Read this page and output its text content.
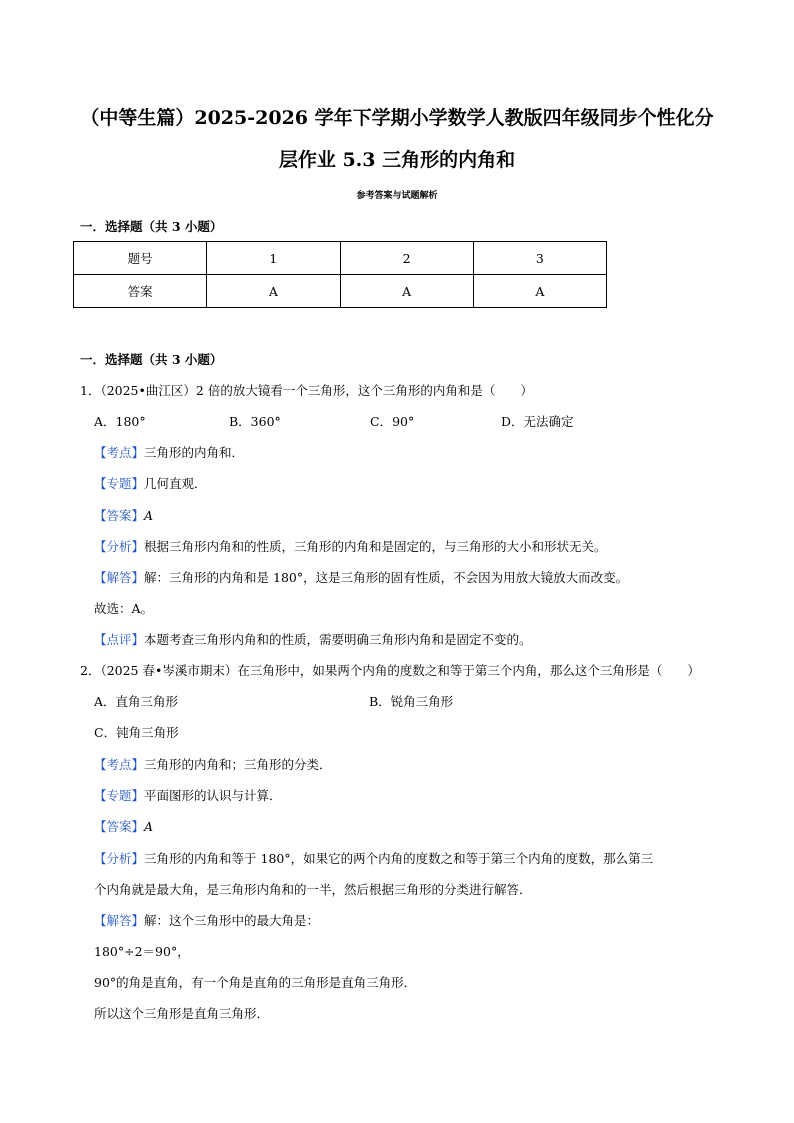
（中等生篇）2025-2026 学年下学期小学数学人教版四年级同步个性化分
层作业 5.3 三角形的内角和
参考答案与试题解析
一．选择题（共 3 小题）
题号	1	2	3
答案	A	A	A
一．选择题（共 3 小题）
1．（2025•曲江区）2 倍的放大镜看一个三角形，这个三角形的内角和是（　　）
A．180°	B．360°	C．90°	D．无法确定
【考点】三角形的内角和．
【专题】几何直观．
【答案】A
【分析】根据三角形内角和的性质，三角形的内角和是固定的，与三角形的大小和形状无关。
【解答】解：三角形的内角和是 180°，这是三角形的固有性质，不会因为用放大镜放大而改变。
故选：A。
【点评】本题考查三角形内角和的性质，需要明确三角形内角和是固定不变的。
2．（2025 春•岑溪市期末）在三角形中，如果两个内角的度数之和等于第三个内角，那么这个三角形是（　　）
A．直角三角形	B．锐角三角形
C．钝角三角形
【考点】三角形的内角和；三角形的分类．
【专题】平面图形的认识与计算．
【答案】A
【分析】三角形的内角和等于 180°，如果它的两个内角的度数之和等于第三个内角的度数，那么第三
个内角就是最大角，是三角形内角和的一半，然后根据三角形的分类进行解答．
【解答】解：这个三角形中的最大角是：
180°÷2＝90°，
90°的角是直角，有一个角是直角的三角形是直角三角形．
所以这个三角形是直角三角形．
